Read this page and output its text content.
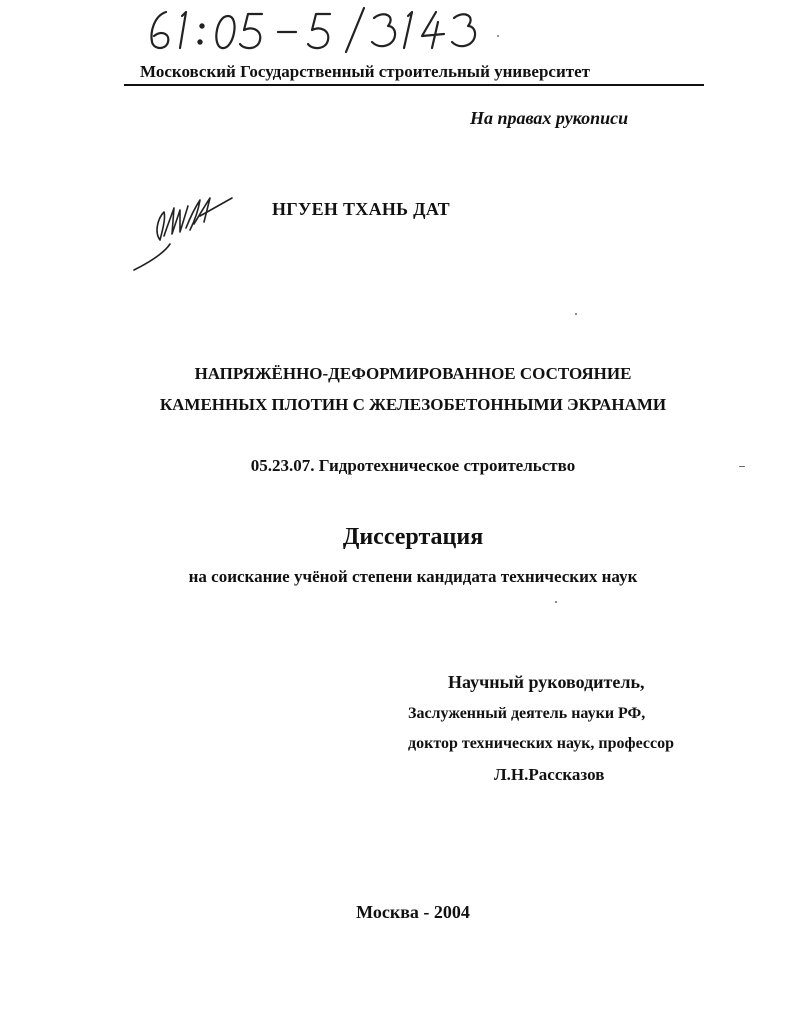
Московский Государственный строительный университет
На правах рукописи
НГУЕН ТХАНЬ ДАТ
НАПРЯЖЁННО-ДЕФОРМИРОВАННОЕ СОСТОЯНИЕ
КАМЕННЫХ ПЛОТИН С ЖЕЛЕЗОБЕТОННЫМИ ЭКРАНАМИ
05.23.07. Гидротехническое строительство
Диссертация
на соискание учёной степени кандидата технических наук
Научный руководитель,
Заслуженный деятель науки РФ,
доктор технических наук, профессор
Л.Н.Рассказов
Москва - 2004
